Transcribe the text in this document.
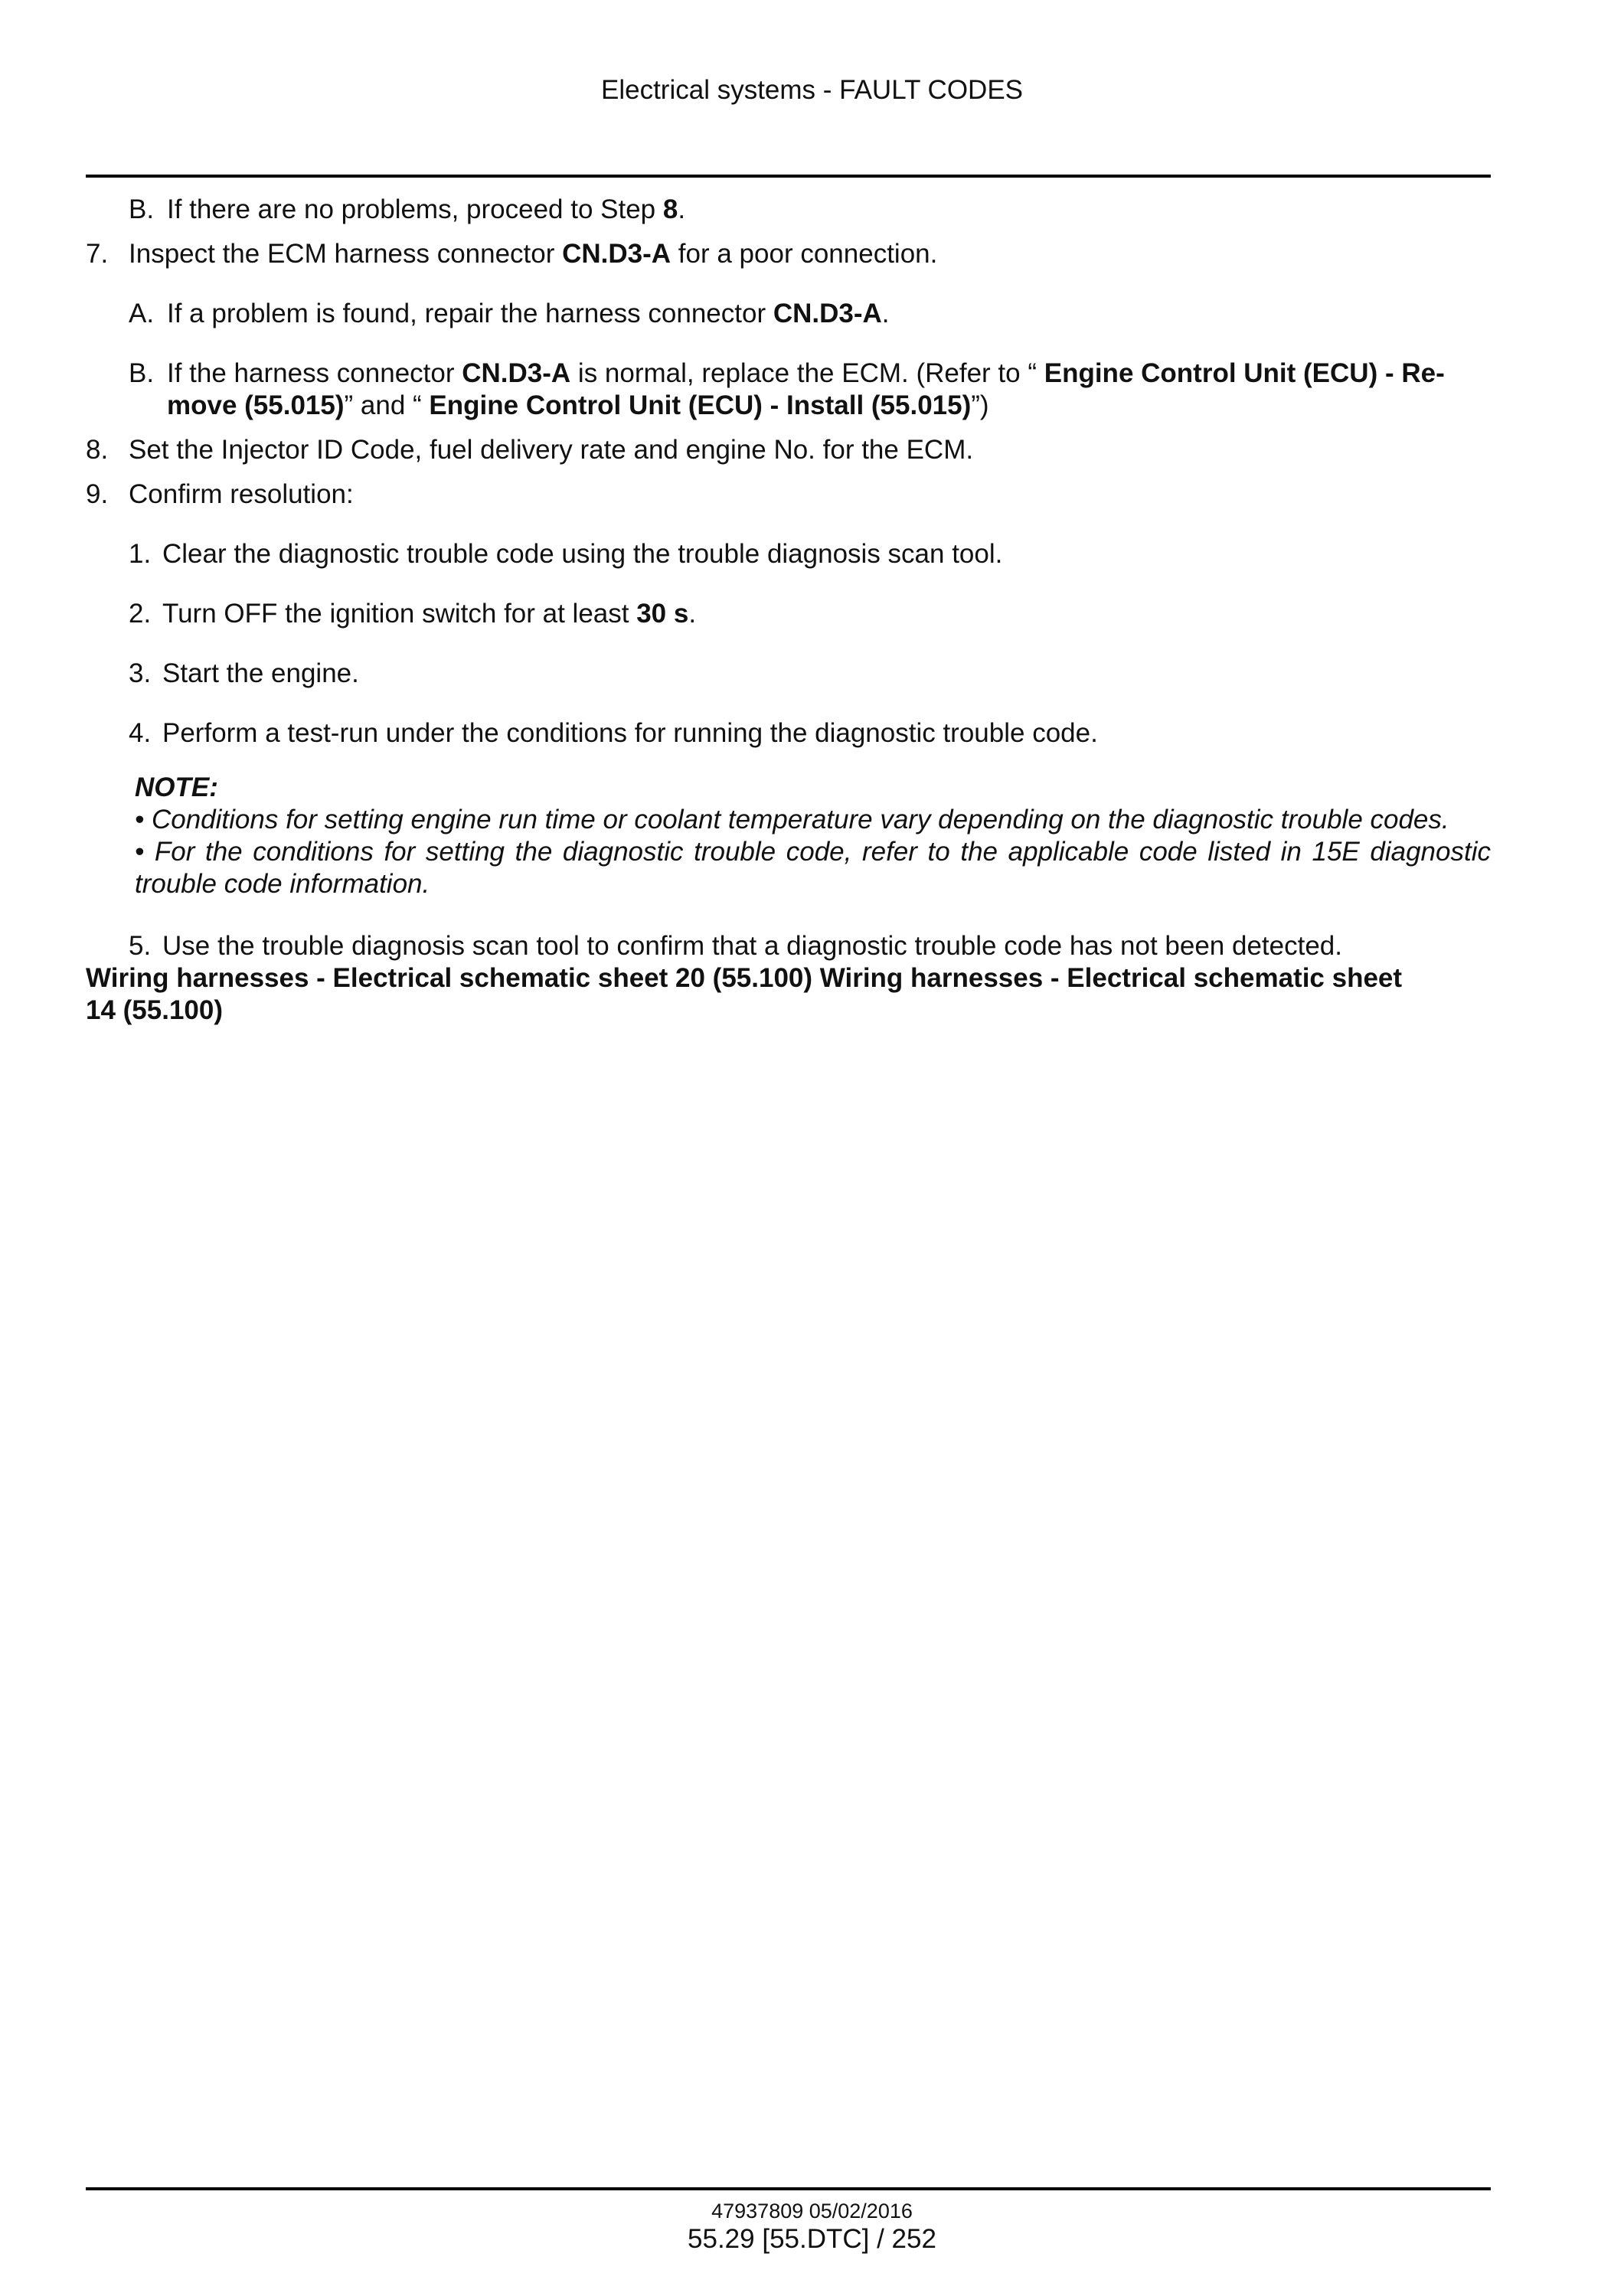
Electrical systems - FAULT CODES
B. If there are no problems, proceed to Step 8.
7. Inspect the ECM harness connector CN.D3-A for a poor connection.
A. If a problem is found, repair the harness connector CN.D3-A.
B. If the harness connector CN.D3-A is normal, replace the ECM. (Refer to “ Engine Control Unit (ECU) - Re-
move (55.015)” and “ Engine Control Unit (ECU) - Install (55.015)”)
8. Set the Injector ID Code, fuel delivery rate and engine No. for the ECM.
9. Confirm resolution:
1. Clear the diagnostic trouble code using the trouble diagnosis scan tool.
2. Turn OFF the ignition switch for at least 30 s.
3. Start the engine.
4. Perform a test-run under the conditions for running the diagnostic trouble code.
NOTE:
• Conditions for setting engine run time or coolant temperature vary depending on the diagnostic trouble codes.
• For the conditions for setting the diagnostic trouble code, refer to the applicable code listed in 15E diagnostic
trouble code information.
5. Use the trouble diagnosis scan tool to confirm that a diagnostic trouble code has not been detected.
Wiring harnesses - Electrical schematic sheet 20 (55.100) Wiring harnesses - Electrical schematic sheet
14 (55.100)
47937809 05/02/2016
55.29 [55.DTC] / 252
